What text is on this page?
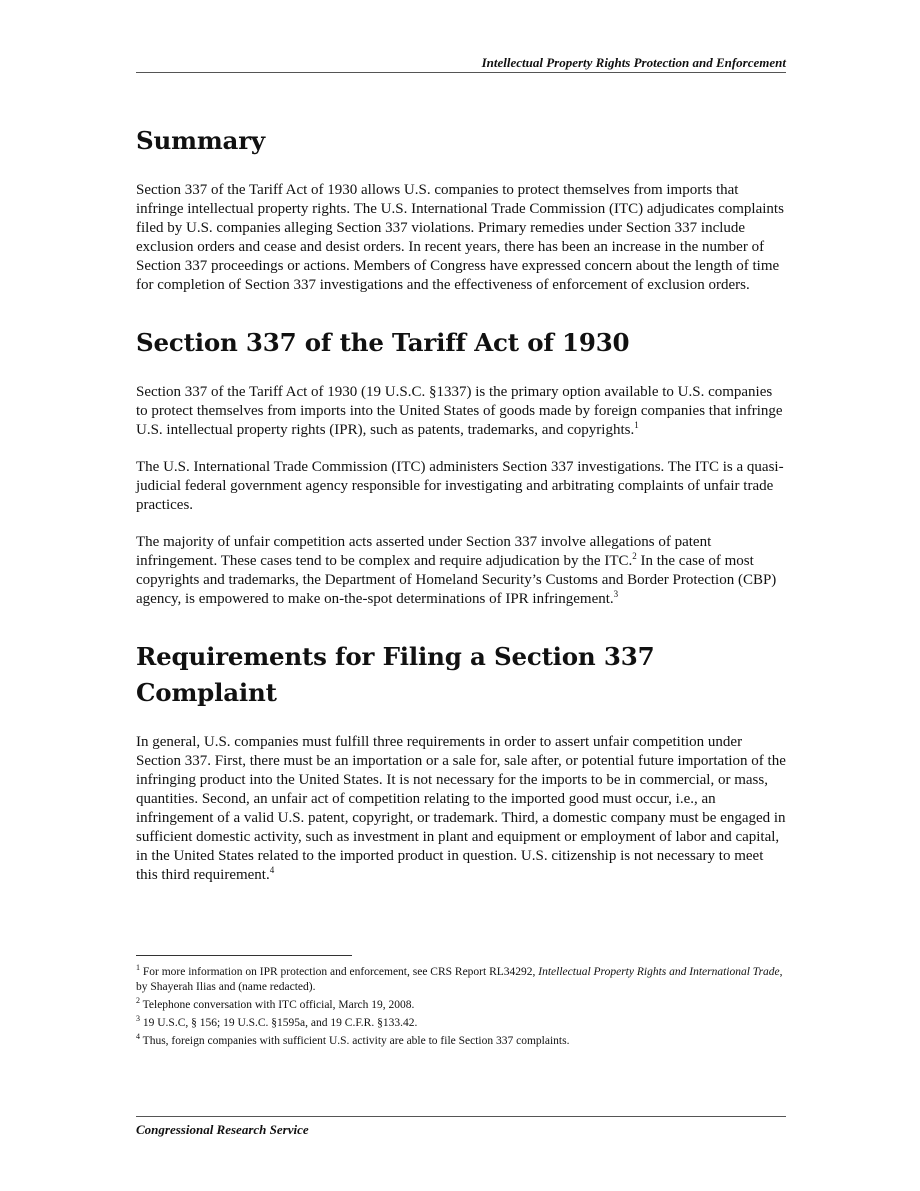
Intellectual Property Rights Protection and Enforcement
Summary

Section 337 of the Tariff Act of 1930 allows U.S. companies to protect themselves from imports that infringe intellectual property rights. The U.S. International Trade Commission (ITC) adjudicates complaints filed by U.S. companies alleging Section 337 violations. Primary remedies under Section 337 include exclusion orders and cease and desist orders. In recent years, there has been an increase in the number of Section 337 proceedings or actions. Members of Congress have expressed concern about the length of time for completion of Section 337 investigations and the effectiveness of enforcement of exclusion orders.

Section 337 of the Tariff Act of 1930

Section 337 of the Tariff Act of 1930 (19 U.S.C. §1337) is the primary option available to U.S. companies to protect themselves from imports into the United States of goods made by foreign companies that infringe U.S. intellectual property rights (IPR), such as patents, trademarks, and copyrights.$^1$

The U.S. International Trade Commission (ITC) administers Section 337 investigations. The ITC is a quasi-judicial federal government agency responsible for investigating and arbitrating complaints of unfair trade practices.

The majority of unfair competition acts asserted under Section 337 involve allegations of patent infringement. These cases tend to be complex and require adjudication by the ITC.$^2$ In the case of most copyrights and trademarks, the Department of Homeland Security’s Customs and Border Protection (CBP) agency, is empowered to make on-the-spot determinations of IPR infringement.$^3$

Requirements for Filing a Section 337 Complaint

In general, U.S. companies must fulfill three requirements in order to assert unfair competition under Section 337. First, there must be an importation or a sale for, sale after, or potential future importation of the infringing product into the United States. It is not necessary for the imports to be in commercial, or mass, quantities. Second, an unfair act of competition relating to the imported good must occur, i.e., an infringement of a valid U.S. patent, copyright, or trademark. Third, a domestic company must be engaged in sufficient domestic activity, such as investment in plant and equipment or employment of labor and capital, in the United States related to the imported product in question. U.S. citizenship is not necessary to meet this third requirement.$^4$

$^1$ For more information on IPR protection and enforcement, see CRS Report RL34292, Intellectual Property Rights and International Trade, by Shayerah Ilias and (name redacted).

$^2$ Telephone conversation with ITC official, March 19, 2008.

$^3$ 19 U.S.C, § 156; 19 U.S.C. §1595a, and 19 C.F.R. §133.42.

$^4$ Thus, foreign companies with sufficient U.S. activity are able to file Section 337 complaints.

Congressional Research Service
